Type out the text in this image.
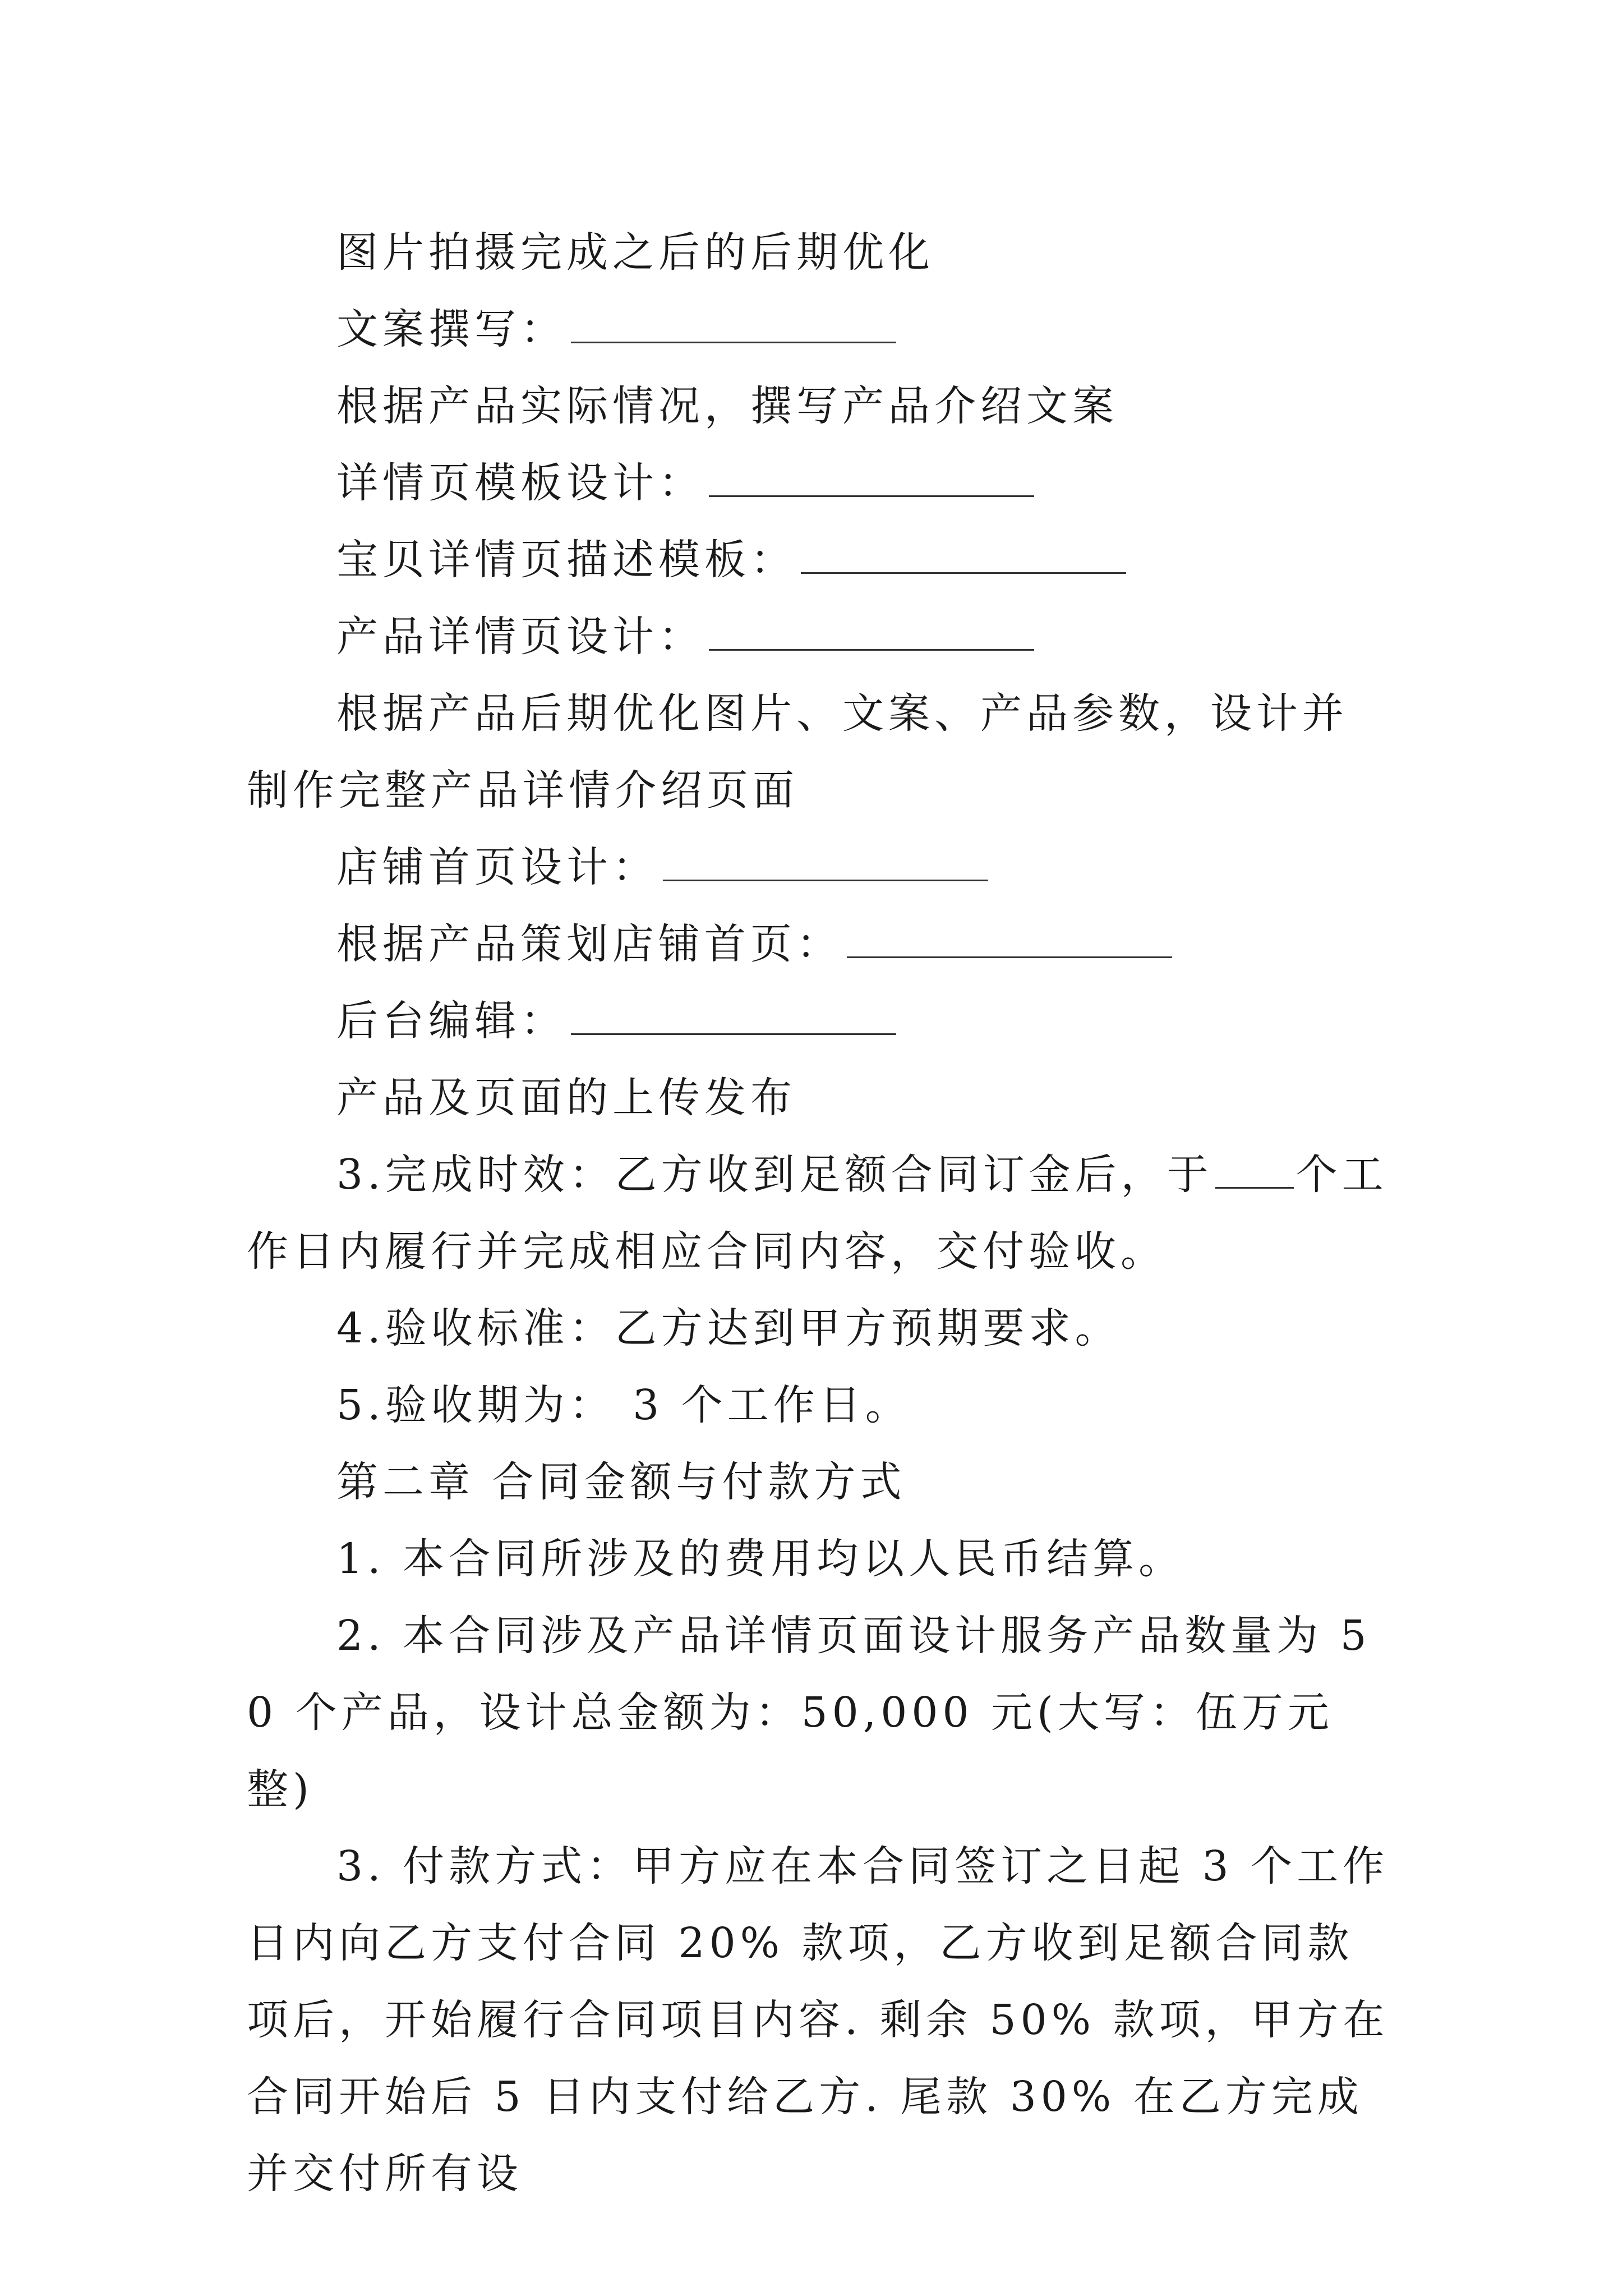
图片拍摄完成之后的后期优化

文案撰写：

根据产品实际情况，撰写产品介绍文案

详情页模板设计：

宝贝详情页描述模板：

产品详情页设计：

根据产品后期优化图片、文案、产品参数，设计并制作完整产品详情介绍页面

店铺首页设计：

根据产品策划店铺首页：

后台编辑：

产品及页面的上传发布

3.完成时效：乙方收到足额合同订金后，于 个工作日内履行并完成相应合同内容，交付验收。

4.验收标准：乙方达到甲方预期要求。

5.验收期为： 3 个工作日。

第二章 合同金额与付款方式

1. 本合同所涉及的费用均以人民币结算。

2. 本合同涉及产品详情页面设计服务产品数量为 50 个产品，设计总金额为：50,000 元(大写：伍万元整)

3. 付款方式：甲方应在本合同签订之日起 3 个工作日内向乙方支付合同 20% 款项，乙方收到足额合同款项后，开始履行合同项目内容. 剩余 50% 款项，甲方在合同开始后 5 日内支付给乙方. 尾款 30% 在乙方完成并交付所有设
